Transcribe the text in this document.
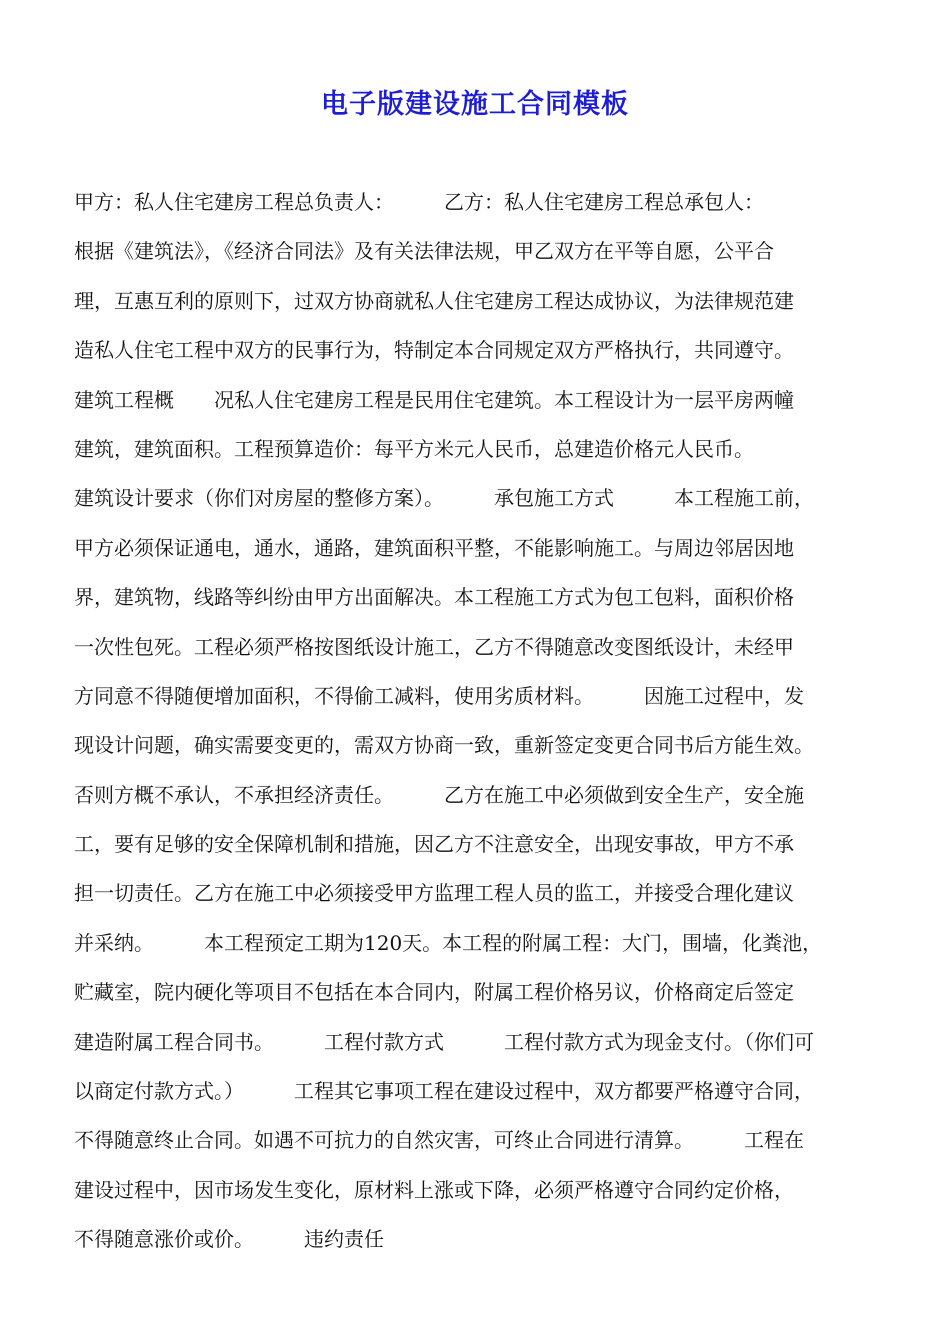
电子版建设施工合同模板
甲方：私人住宅建房工程总负责人：　　　乙方：私人住宅建房工程总承包人：
根据《建筑法》，《经济合同法》及有关法律法规，甲乙双方在平等自愿，公平合
理，互惠互利的原则下，过双方协商就私人住宅建房工程达成协议，为法律规范建
造私人住宅工程中双方的民事行为，特制定本合同规定双方严格执行，共同遵守。
建筑工程概　　况私人住宅建房工程是民用住宅建筑。本工程设计为一层平房两幢
建筑，建筑面积。工程预算造价：每平方米元人民币，总建造价格元人民币。
建筑设计要求（你们对房屋的整修方案）。　　　承包施工方式　　　本工程施工前，
甲方必须保证通电，通水，通路，建筑面积平整，不能影响施工。与周边邻居因地
界，建筑物，线路等纠纷由甲方出面解决。本工程施工方式为包工包料，面积价格
一次性包死。工程必须严格按图纸设计施工，乙方不得随意改变图纸设计，未经甲
方同意不得随便增加面积，不得偷工减料，使用劣质材料。　　　因施工过程中，发
现设计问题，确实需要变更的，需双方协商一致，重新签定变更合同书后方能生效。
否则方概不承认，不承担经济责任。　　　乙方在施工中必须做到安全生产，安全施
工，要有足够的安全保障机制和措施，因乙方不注意安全，出现安事故，甲方不承
担一切责任。乙方在施工中必须接受甲方监理工程人员的监工，并接受合理化建议
并采纳。　　　本工程预定工期为120天。本工程的附属工程：大门，围墙，化粪池，
贮藏室，院内硬化等项目不包括在本合同内，附属工程价格另议，价格商定后签定
建造附属工程合同书。　　　工程付款方式　　　工程付款方式为现金支付。（你们可
以商定付款方式。）　　　工程其它事项工程在建设过程中，双方都要严格遵守合同，
不得随意终止合同。如遇不可抗力的自然灾害，可终止合同进行清算。　　　工程在
建设过程中，因市场发生变化，原材料上涨或下降，必须严格遵守合同约定价格，
不得随意涨价或价。　　　违约责任
